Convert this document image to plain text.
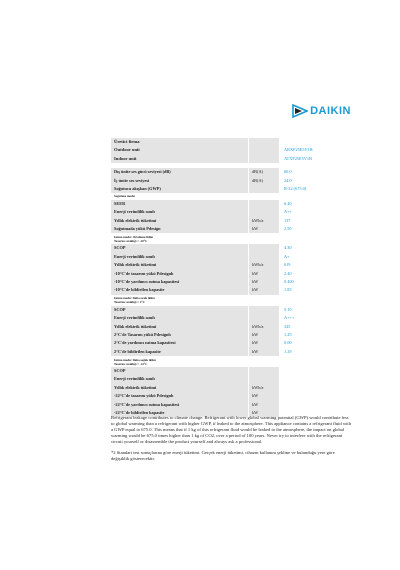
DAIKIN
Üretici firma
Outdoor unit	ARXF25E5V1B
Indoor unit	ATXF25E5V1B
Dış ünite ses gücü seviyesi (dB)	dB(A)	60.0
İç ünite ses seviyesi	dB(A)	24.0
Soğutucu akışkan (GWP)	R-32 (675.0)
Soğutma modu
SEER	6.40
Enerji verimlilik sınıfı	A++
Yıllık elektrik tüketimi	kWh/a	137
Soğutmada yükü Pdesign	kW	2.50
Isıtma modu: Ortalama iklim
Tasarım sıcaklığı = -10°C
SCOP	4.30
Enerji verimlilik sınıfı	A+
Yıllık elektrik tüketimi	kWh/a	619
-10°C'de tasarım yükü Pdesignh	kW	2.40
-10°C'de yardımcı ısıtma kapasitesi	kW	0.400
-10°C'de bildirilen kapasite	kW	1.85
Isıtma modu: Daha sıcak iklim
Tasarım sıcaklığı = 2°C
SCOP	5.10
Enerji verimlilik sınıfı	A+++
Yıllık elektrik tüketimi	kWh/a	345
2°C'de Tasarım yükü Pdesignh	kW	1.29
2°C'de yardımcı ısıtma kapasitesi	kW	0.00
2°C'de bildirilen kapasite	kW	1.29
Isıtma modu: Daha soğuk iklim
Tasarım sıcaklığı = -22°C
SCOP
Enerji verimlilik sınıfı
Yıllık elektrik tüketimi	kWh/a
-22°C'de tasarım yükü Pdesignh	kW
-22°C'de yardımcı ısıtma kapasitesi	kW
-22°C'de bildirilen kapasite	kW

Refrigerant leakage contributes to climate change. Refrigerant with lower global warming potential (GWP) would contribute less to global warming than a refrigerant with higher GWP, if leaked to the atmosphere. This appliance contains a refrigerant fluid with a GWP equal to 675.0. This means that if 1 kg of this refrigerant fluid would be leaked to the atmosphere, the impact on global warming would be 675.0 times higher than 1 kg of CO2, over a period of 100 years. Never try to interfere with the refrigerant circuit yourself or disassemble the product yourself and always ask a professional.

*2 Standart test sonuçlarına göre enerji tüketimi. Gerçek enerji tüketimi, cihazın kullanım şekline ve bulunduğu yere göre değişiklik gösterecektir.
